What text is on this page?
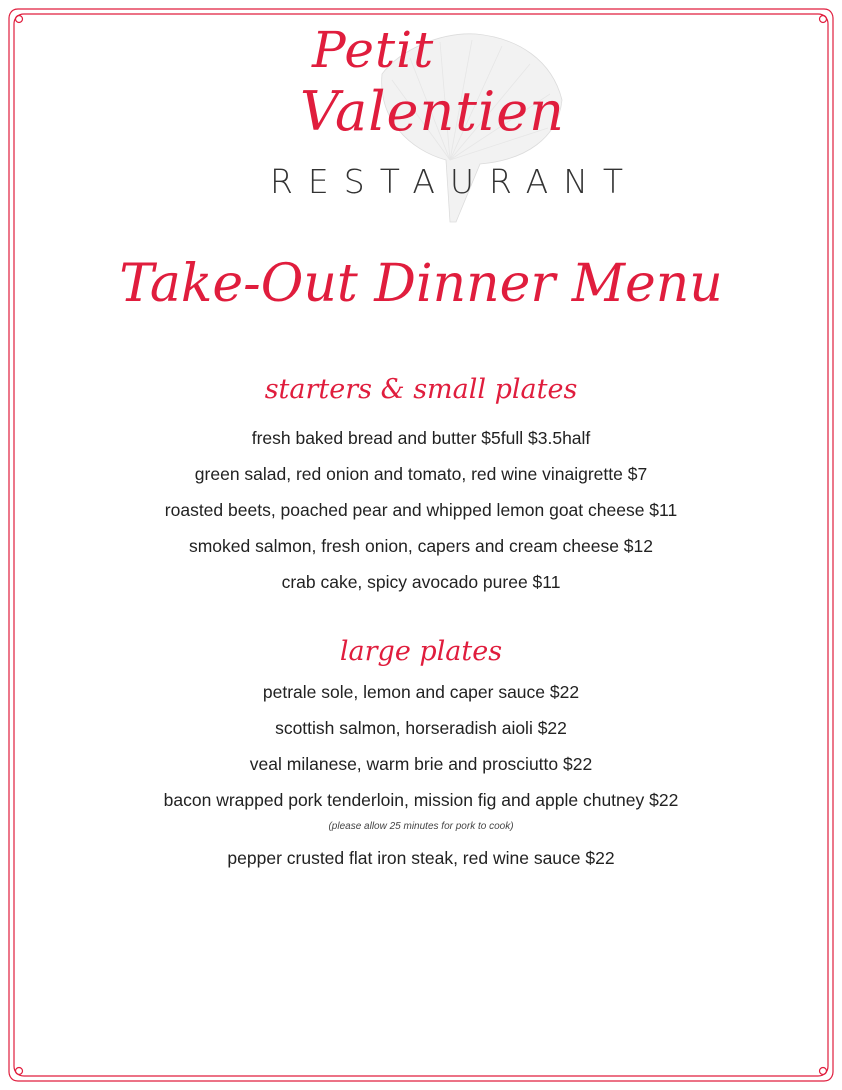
Petit
Valentien
RESTAURANT
Take-Out Dinner Menu
starters & small plates
fresh baked bread and butter $5full $3.5half
green salad, red onion and tomato, red wine vinaigrette $7
roasted beets, poached pear and whipped lemon goat cheese $11
smoked salmon, fresh onion, capers and cream cheese $12
crab cake, spicy avocado puree $11
large plates
petrale sole, lemon and caper sauce $22
scottish salmon, horseradish aioli $22
veal milanese, warm brie and prosciutto $22
bacon wrapped pork tenderloin, mission fig and apple chutney $22
(please allow 25 minutes for pork to cook)
pepper crusted flat iron steak, red wine sauce $22
